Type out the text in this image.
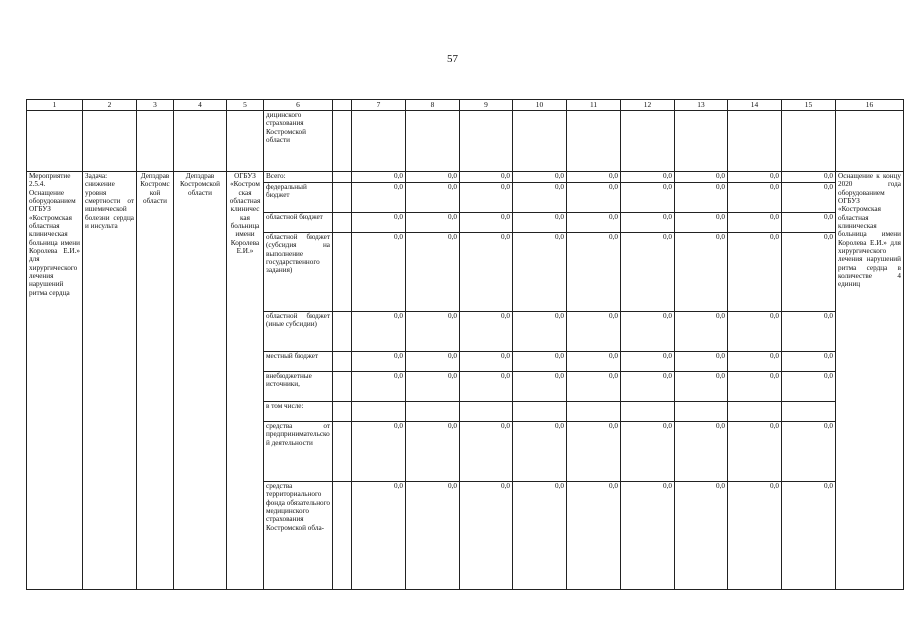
57
1	2	3	4	5	6		7	8	9	10	11	12	13	14	15	16
					дицинского страхования Костромской области											
Мероприятие 2.5.4. Оснащение оборудованием ОГБУЗ «Костромская областная клиническая больница имени Королева Е.И.» для хирургического лечения нарушений ритма сердца	Задача: снижение уровня смертности от ишемической болезни сердца и инсульта	Депздрав Костромской области	Депздрав Костромской области	ОГБУЗ «Костромская областная клиническая больница имени Королева Е.И.»	Всего:		0,0	0,0	0,0	0,0	0,0	0,0	0,0	0,0	0,0	Оснащение к концу 2020 года оборудованием ОГБУЗ «Костромская областная клиническая больница имени Королева Е.И.» для хирургического лечения нарушений ритма сердца в количестве 4 единиц
					федеральный бюджет		0,0	0,0	0,0	0,0	0,0	0,0	0,0	0,0	0,0	
					областной бюджет		0,0	0,0	0,0	0,0	0,0	0,0	0,0	0,0	0,0	
					областной бюджет (субсидия на выполнение государственного задания)		0,0	0,0	0,0	0,0	0,0	0,0	0,0	0,0	0,0	
					областной бюджет (иные субсидии)		0,0	0,0	0,0	0,0	0,0	0,0	0,0	0,0	0,0	
					местный бюджет		0,0	0,0	0,0	0,0	0,0	0,0	0,0	0,0	0,0	
					внебюджетные источники,		0,0	0,0	0,0	0,0	0,0	0,0	0,0	0,0	0,0	
					в том числе:											
					средства от предпринимательской деятельности		0,0	0,0	0,0	0,0	0,0	0,0	0,0	0,0	0,0	
					средства территориального фонда обязательного медицинского страхования Костромской обла-		0,0	0,0	0,0	0,0	0,0	0,0	0,0	0,0	0,0	
